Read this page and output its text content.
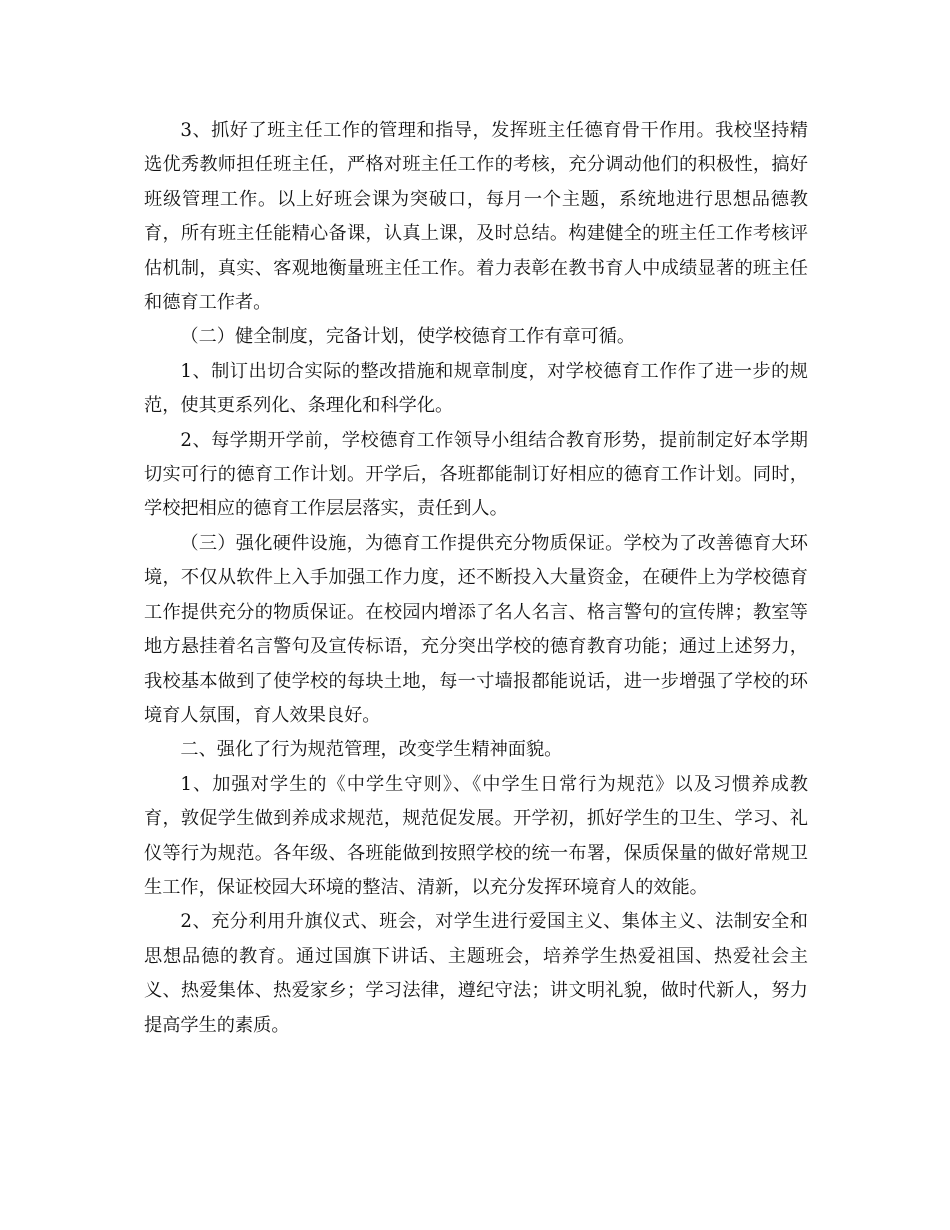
3、抓好了班主任工作的管理和指导，发挥班主任德育骨干作用。我校坚持精选优秀教师担任班主任，严格对班主任工作的考核，充分调动他们的积极性，搞好班级管理工作。以上好班会课为突破口，每月一个主题，系统地进行思想品德教育，所有班主任能精心备课，认真上课，及时总结。构建健全的班主任工作考核评估机制，真实、客观地衡量班主任工作。着力表彰在教书育人中成绩显著的班主任和德育工作者。

（二）健全制度，完备计划，使学校德育工作有章可循。

1、制订出切合实际的整改措施和规章制度，对学校德育工作作了进一步的规范，使其更系列化、条理化和科学化。

2、每学期开学前，学校德育工作领导小组结合教育形势，提前制定好本学期切实可行的德育工作计划。开学后，各班都能制订好相应的德育工作计划。同时，学校把相应的德育工作层层落实，责任到人。

（三）强化硬件设施，为德育工作提供充分物质保证。学校为了改善德育大环境，不仅从软件上入手加强工作力度，还不断投入大量资金，在硬件上为学校德育工作提供充分的物质保证。在校园内增添了名人名言、格言警句的宣传牌；教室等地方悬挂着名言警句及宣传标语，充分突出学校的德育教育功能；通过上述努力，我校基本做到了使学校的每块土地，每一寸墙报都能说话，进一步增强了学校的环境育人氛围，育人效果良好。

二、强化了行为规范管理，改变学生精神面貌。

1、加强对学生的《中学生守则》、《中学生日常行为规范》以及习惯养成教育，敦促学生做到养成求规范，规范促发展。开学初，抓好学生的卫生、学习、礼仪等行为规范。各年级、各班能做到按照学校的统一布署，保质保量的做好常规卫生工作，保证校园大环境的整洁、清新，以充分发挥环境育人的效能。

2、充分利用升旗仪式、班会，对学生进行爱国主义、集体主义、法制安全和思想品德的教育。通过国旗下讲话、主题班会，培养学生热爱祖国、热爱社会主义、热爱集体、热爱家乡；学习法律，遵纪守法；讲文明礼貌，做时代新人，努力提高学生的素质。
